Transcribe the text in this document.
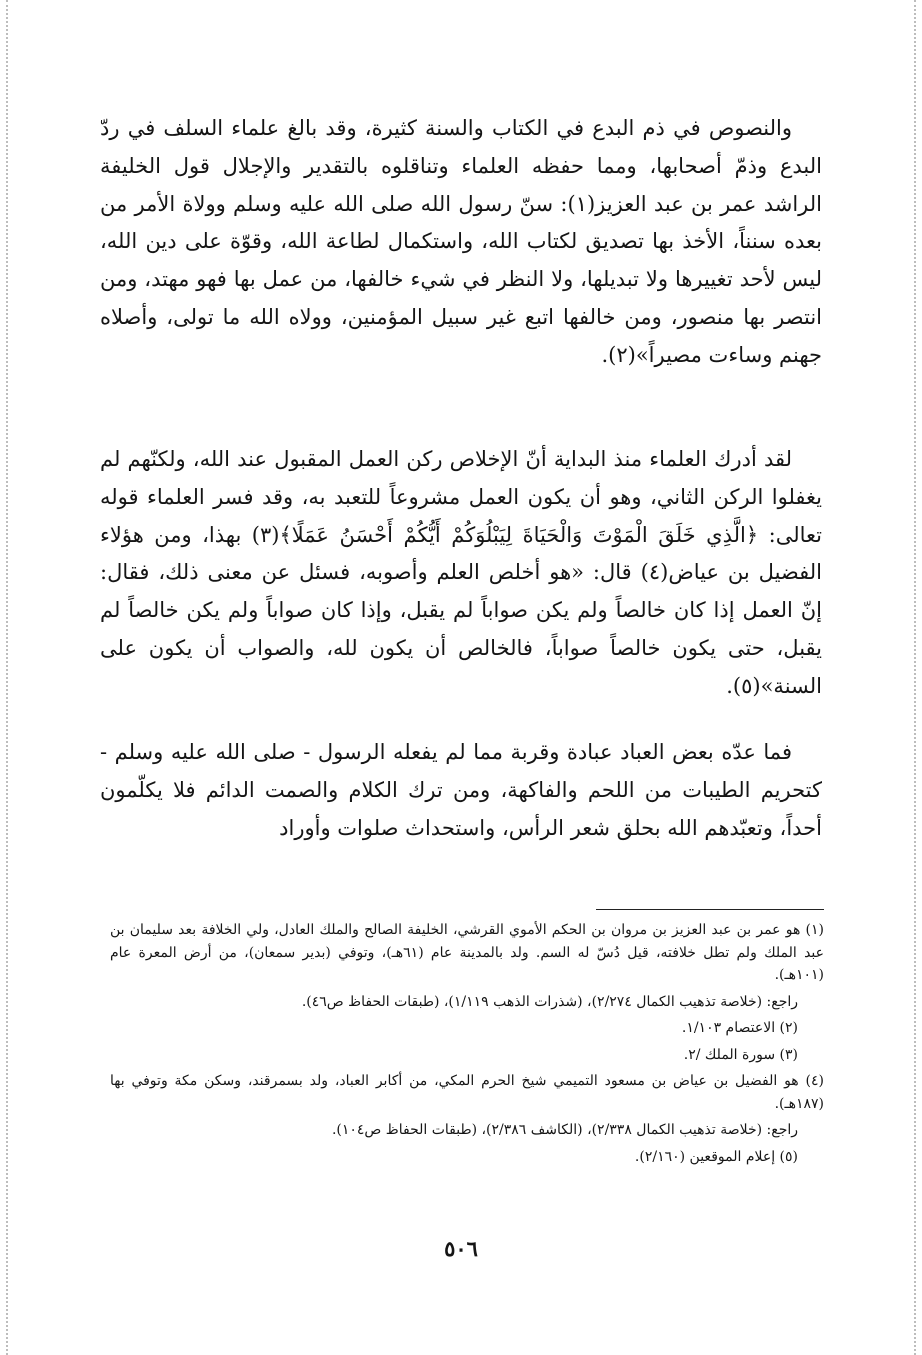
والنصوص في ذم البدع في الكتاب والسنة كثيرة، وقد بالغ علماء السلف في ردّ البدع وذمّ أصحابها، ومما حفظه العلماء وتناقلوه بالتقدير والإجلال قول الخليفة الراشد عمر بن عبد العزيز(١): سنّ رسول الله صلى الله عليه وسلم وولاة الأمر من بعده سنناً، الأخذ بها تصديق لكتاب الله، واستكمال لطاعة الله، وقوّة على دين الله، ليس لأحد تغييرها ولا تبديلها، ولا النظر في شيء خالفها، من عمل بها فهو مهتد، ومن انتصر بها منصور، ومن خالفها اتبع غير سبيل المؤمنين، وولاه الله ما تولى، وأصلاه جهنم وساءت مصيراً»(٢).

لقد أدرك العلماء منذ البداية أنّ الإخلاص ركن العمل المقبول عند الله، ولكنّهم لم يغفلوا الركن الثاني، وهو أن يكون العمل مشروعاً للتعبد به، وقد فسر العلماء قوله تعالى: ﴿الَّذِي خَلَقَ الْمَوْتَ وَالْحَيَاةَ لِيَبْلُوَكُمْ أَيُّكُمْ أَحْسَنُ عَمَلًا﴾(٣) بهذا، ومن هؤلاء الفضيل بن عياض(٤) قال: «هو أخلص العلم وأصوبه، فسئل عن معنى ذلك، فقال: إنّ العمل إذا كان خالصاً ولم يكن صواباً لم يقبل، وإذا كان صواباً ولم يكن خالصاً لم يقبل، حتى يكون خالصاً صواباً، فالخالص أن يكون لله، والصواب أن يكون على السنة»(٥).

فما عدّه بعض العباد عبادة وقربة مما لم يفعله الرسول - صلى الله عليه وسلم - كتحريم الطيبات من اللحم والفاكهة، ومن ترك الكلام والصمت الدائم فلا يكلّمون أحداً، وتعبّدهم الله بحلق شعر الرأس، واستحداث صلوات وأوراد

(١) هو عمر بن عبد العزيز بن مروان بن الحكم الأموي القرشي، الخليفة الصالح والملك العادل، ولي الخلافة بعد سليمان بن عبد الملك ولم تطل خلافته، قيل دُسّ له السم. ولد بالمدينة عام (٦١هـ)، وتوفي (بدير سمعان)، من أرض المعرة عام (١٠١هـ).

راجع: (خلاصة تذهيب الكمال ٢/٢٧٤)، (شذرات الذهب ١/١١٩)، (طبقات الحفاظ ص٤٦).

(٢) الاعتصام ١/١٠٣.

(٣) سورة الملك /٢.

(٤) هو الفضيل بن عياض بن مسعود التميمي شيخ الحرم المكي، من أكابر العباد، ولد بسمرقند، وسكن مكة وتوفي بها (١٨٧هـ).

راجع: (خلاصة تذهيب الكمال ٢/٣٣٨)، (الكاشف ٢/٣٨٦)، (طبقات الحفاظ ص١٠٤).

(٥) إعلام الموقعين (٢/١٦٠).

٥٠٦
